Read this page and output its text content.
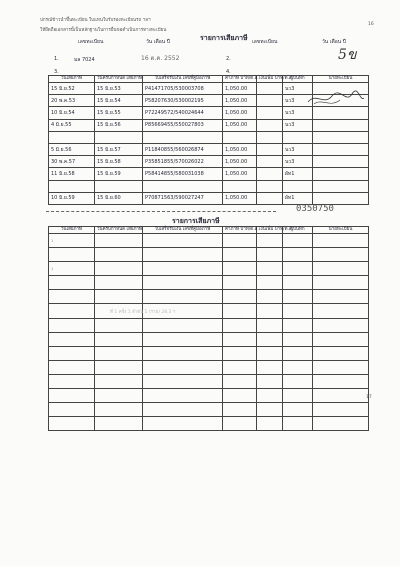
ปกรณ์ข้าวนำขึ้นทะเบียน ใบแทนใบรับรองทะเบียนรถ ฯลฯ
ให้ยึดถือเอกสารนี้เป็นหลักฐานในการยื่นขอดำเนินการทางทะเบียน
16
เลขทะเบียน	วัน เดือน ปี	รายการเสียภาษี เลขทะเบียน	วัน เดือน ปี
5ข
1.	มล 7024	16 ต.ค. 2552	2.
3.	4.
วันเสียภาษี	วันครบกำหนด เสียภาษี	ใบเสร็จรับเงิน เลขที่คู่มือภาษี	ค่าภาษี บาท/ต.ส.	เงินเพิ่ม บาท/ต.ส.	ผู้บันทึก	นายทะเบียน
15 มิ.ย.52	15 มิ.ย.53	P41471705/530003708	1,050.00		นว3	
20 พ.ค.53	15 มิ.ย.54	P58207630/530002195	1,050.00		นว3	
10 มิ.ย.54	15 มิ.ย.55	P72249572/540024644	1,050.00		นว3	
4 มิ.ย.55	15 มิ.ย.56	P85669455/550027803	1,050.00		นว3	

5 มิ.ย.56	15 มิ.ย.57	P11840855/560026874	1,050.00		นว3	
30 พ.ค.57	15 มิ.ย.58	P35851855/570026022	1,050.00		นว3	
11 มิ.ย.58	15 มิ.ย.59	P58414855/580031038	1,050.00		ผัท1	

10 มิ.ย.59	15 มิ.ย.60	P70871563/590027247	1,050.00		ผัท1	
0350750
รายการเสียภาษี
วันเสียภาษี	วันครบกำหนด เสียภาษี	ใบเสร็จรับเงิน เลขที่คู่มือภาษี	ค่าภาษี บาท/ต.ส.	เงินเพิ่ม บาท/ต.ส.	ผู้บันทึก	นายทะเบียน
1						

1						

ที่ 1 ครั้ง 1 ลำดับ 1 (ราย) 28,3 ฯ
17
